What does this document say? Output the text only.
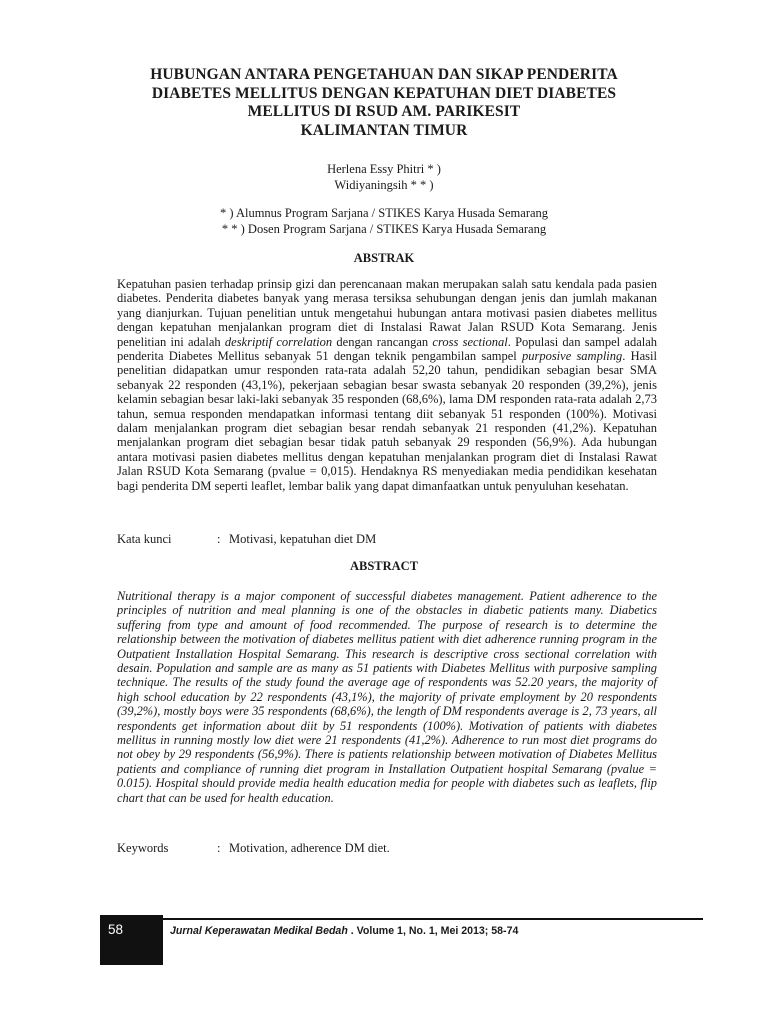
HUBUNGAN ANTARA PENGETAHUAN DAN SIKAP PENDERITA
DIABETES MELLITUS DENGAN KEPATUHAN DIET DIABETES
MELLITUS DI RSUD AM. PARIKESIT
KALIMANTAN TIMUR
Herlena Essy Phitri * )
Widiyaningsih * * )
* ) Alumnus Program Sarjana / STIKES Karya Husada Semarang
* * ) Dosen Program Sarjana / STIKES Karya Husada Semarang
ABSTRAK

Kepatuhan pasien terhadap prinsip gizi dan perencanaan makan merupakan salah satu kendala pada pasien diabetes. Penderita diabetes banyak yang merasa tersiksa sehubungan dengan jenis dan jumlah makanan yang dianjurkan. Tujuan penelitian untuk mengetahui hubungan antara motivasi pasien diabetes mellitus dengan kepatuhan menjalankan program diet di Instalasi Rawat Jalan RSUD Kota Semarang. Jenis penelitian ini adalah deskriptif correlation dengan rancangan cross sectional. Populasi dan sampel adalah penderita Diabetes Mellitus sebanyak 51 dengan teknik pengambilan sampel purposive sampling. Hasil penelitian didapatkan umur responden rata-rata adalah 52,20 tahun, pendidikan sebagian besar SMA sebanyak 22 responden (43,1%), pekerjaan sebagian besar swasta sebanyak 20 responden (39,2%), jenis kelamin sebagian besar laki-laki sebanyak 35 responden (68,6%), lama DM responden rata-rata adalah 2,73 tahun, semua responden mendapatkan informasi tentang diit sebanyak 51 responden (100%). Motivasi dalam menjalankan program diet sebagian besar rendah sebanyak 21 responden (41,2%). Kepatuhan menjalankan program diet sebagian besar tidak patuh sebanyak 29 responden (56,9%). Ada hubungan antara motivasi pasien diabetes mellitus dengan kepatuhan menjalankan program diet di Instalasi Rawat Jalan RSUD Kota Semarang (pvalue = 0,015). Hendaknya RS menyediakan media pendidikan kesehatan bagi penderita DM seperti leaflet, lembar balik yang dapat dimanfaatkan untuk penyuluhan kesehatan.

Kata kunci	: Motivasi, kepatuhan diet DM
ABSTRACT

Nutritional therapy is a major component of successful diabetes management. Patient adherence to the principles of nutrition and meal planning is one of the obstacles in diabetic patients many. Diabetics suffering from type and amount of food recommended. The purpose of research is to determine the relationship between the motivation of diabetes mellitus patient with diet adherence running program in the Outpatient Installation Hospital Semarang. This research is descriptive cross sectional correlation with desain. Population and sample are as many as 51 patients with Diabetes Mellitus with purposive sampling technique. The results of the study found the average age of respondents was 52.20 years, the majority of high school education by 22 respondents (43,1%), the majority of private employment by 20 respondents (39,2%), mostly boys were 35 respondents (68,6%), the length of DM respondents average is 2, 73 years, all respondents get information about diit by 51 respondents (100%). Motivation of patients with diabetes mellitus in running mostly low diet were 21 respondents (41,2%). Adherence to run most diet programs do not obey by 29 respondents (56,9%). There is patients relationship between motivation of Diabetes Mellitus patients and compliance of running diet program in Installation Outpatient hospital Semarang (pvalue = 0.015). Hospital should provide media health education media for people with diabetes such as leaflets, flip chart that can be used for health education.

Keywords	: Motivation, adherence DM diet.
58	Jurnal Keperawatan Medikal Bedah . Volume 1, No. 1, Mei 2013; 58-74
